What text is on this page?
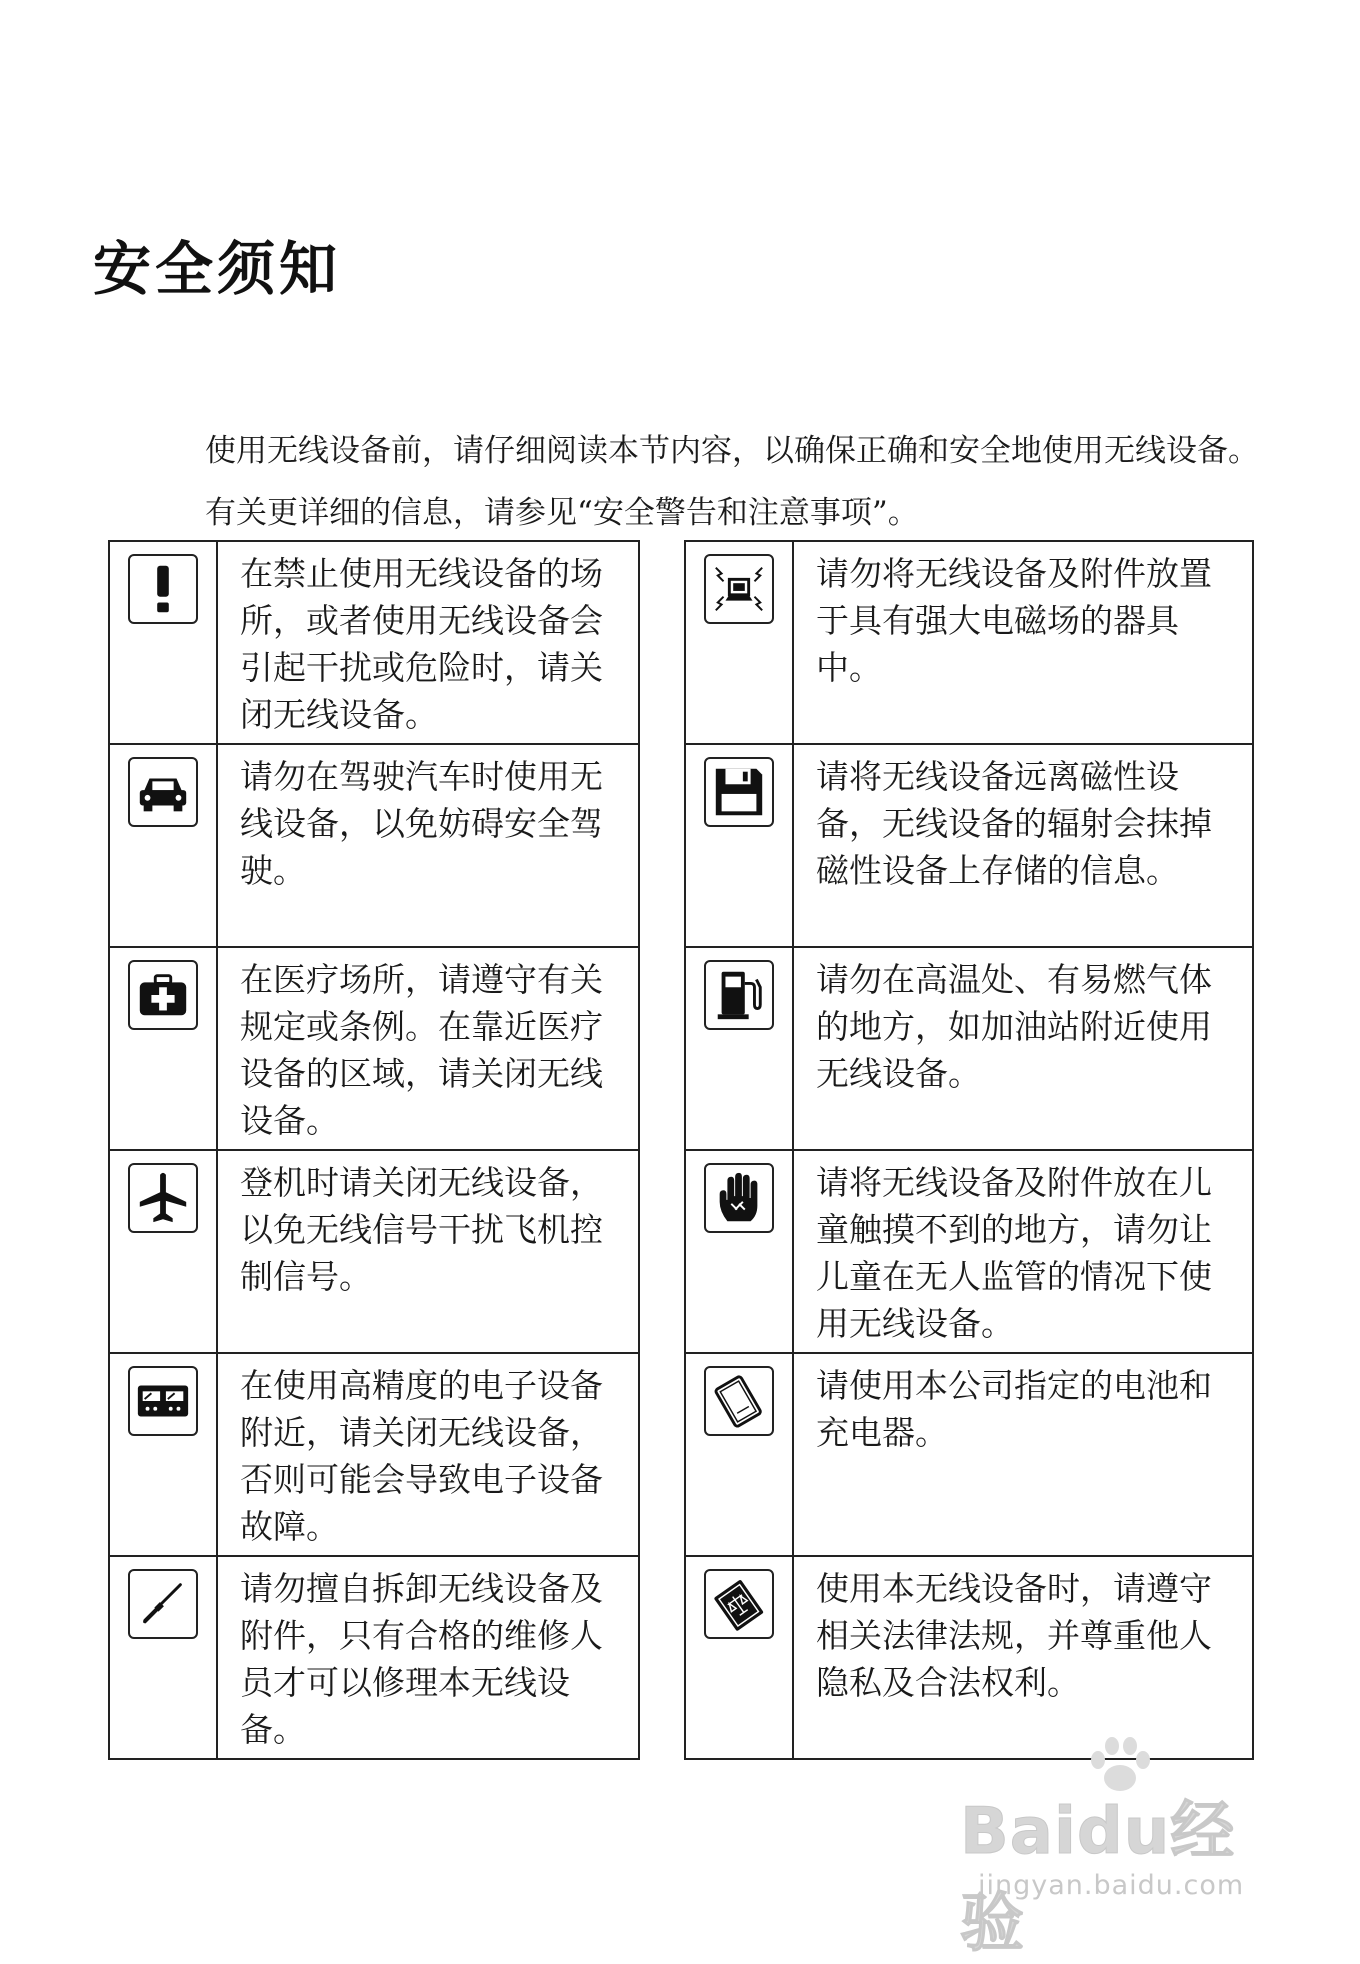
安全须知

使用无线设备前，请仔细阅读本节内容，以确保正确和安全地使用无线设备。有关更详细的信息，请参见“安全警告和注意事项”。

在禁止使用无线设备的场所，或者使用无线设备会引起干扰或危险时，请关闭无线设备。
请勿在驾驶汽车时使用无线设备，以免妨碍安全驾驶。
在医疗场所，请遵守有关规定或条例。在靠近医疗设备的区域，请关闭无线设备。
登机时请关闭无线设备，以免无线信号干扰飞机控制信号。
在使用高精度的电子设备附近，请关闭无线设备，否则可能会导致电子设备故障。
请勿擅自拆卸无线设备及附件，只有合格的维修人员才可以修理本无线设备。
请勿将无线设备及附件放置于具有强大电磁场的器具中。
请将无线设备远离磁性设备，无线设备的辐射会抹掉磁性设备上存储的信息。
请勿在高温处、有易燃气体的地方，如加油站附近使用无线设备。
请将无线设备及附件放在儿童触摸不到的地方，请勿让儿童在无人监管的情况下使用无线设备。
请使用本公司指定的电池和充电器。
使用本无线设备时，请遵守相关法律法规，并尊重他人隐私及合法权利。
Baidu经验
jingyan.baidu.com
